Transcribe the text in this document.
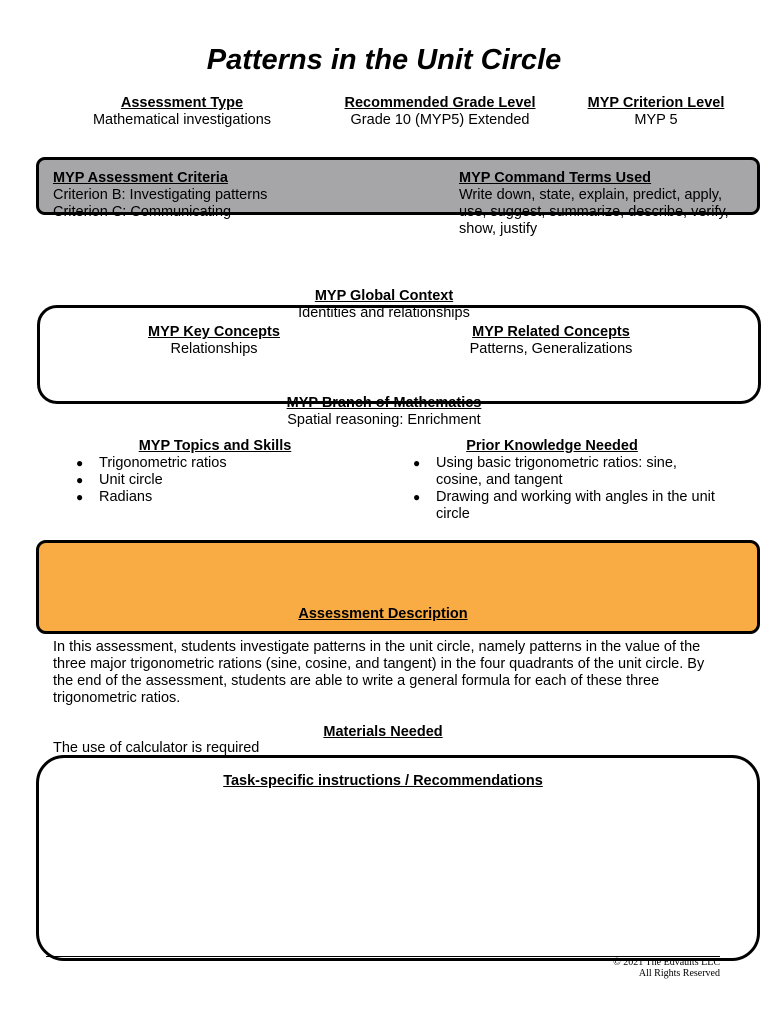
Patterns in the Unit Circle
Assessment Type
Mathematical investigations
Recommended Grade Level
Grade 10 (MYP5) Extended
MYP Criterion Level
MYP 5
MYP Assessment Criteria
Criterion B: Investigating patterns
Criterion C: Communicating
MYP Command Terms Used
Write down, state, explain, predict, apply, use, suggest, summarize, describe, verify, show, justify
MYP Global Context
Identities and relationships
MYP Key Concepts
Relationships
MYP Related Concepts
Patterns, Generalizations
MYP Branch of Mathematics
Spatial reasoning: Enrichment
MYP Topics and Skills
● Trigonometric ratios
● Unit circle
● Radians
Prior Knowledge Needed
● Using basic trigonometric ratios: sine, cosine, and tangent
● Drawing and working with angles in the unit circle
Assessment Description
In this assessment, students investigate patterns in the unit circle, namely patterns in the value of the three major trigonometric rations (sine, cosine, and tangent) in the four quadrants of the unit circle. By the end of the assessment, students are able to write a general formula for each of these three trigonometric ratios.
Materials Needed
The use of calculator is required
Task-specific instructions / Recommendations
© 2021 The Edvaults LLC
All Rights Reserved
